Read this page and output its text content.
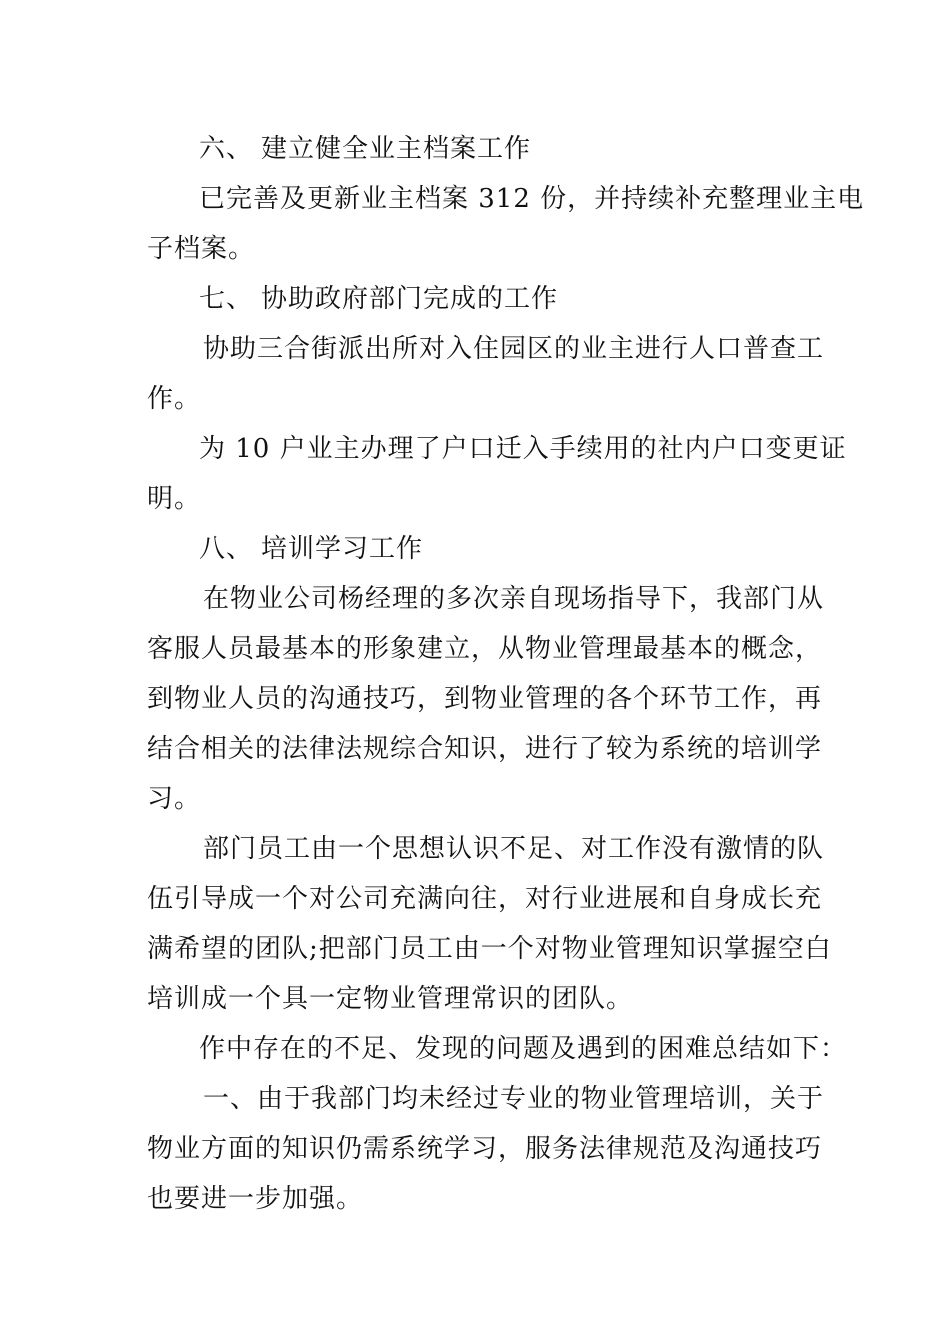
六、 建立健全业主档案工作
已完善及更新业主档案 312 份，并持续补充整理业主电
子档案。
七、 协助政府部门完成的工作
协助三合街派出所对入住园区的业主进行人口普查工
作。
为 10 户业主办理了户口迁入手续用的社内户口变更证
明。
八、 培训学习工作
在物业公司杨经理的多次亲自现场指导下，我部门从
客服人员最基本的形象建立，从物业管理最基本的概念，
到物业人员的沟通技巧，到物业管理的各个环节工作，再
结合相关的法律法规综合知识，进行了较为系统的培训学
习。
部门员工由一个思想认识不足、对工作没有激情的队
伍引导成一个对公司充满向往，对行业进展和自身成长充
满希望的团队;把部门员工由一个对物业管理知识掌握空白
培训成一个具一定物业管理常识的团队。
作中存在的不足、发现的问题及遇到的困难总结如下：
一、由于我部门均未经过专业的物业管理培训，关于
物业方面的知识仍需系统学习，服务法律规范及沟通技巧
也要进一步加强。
